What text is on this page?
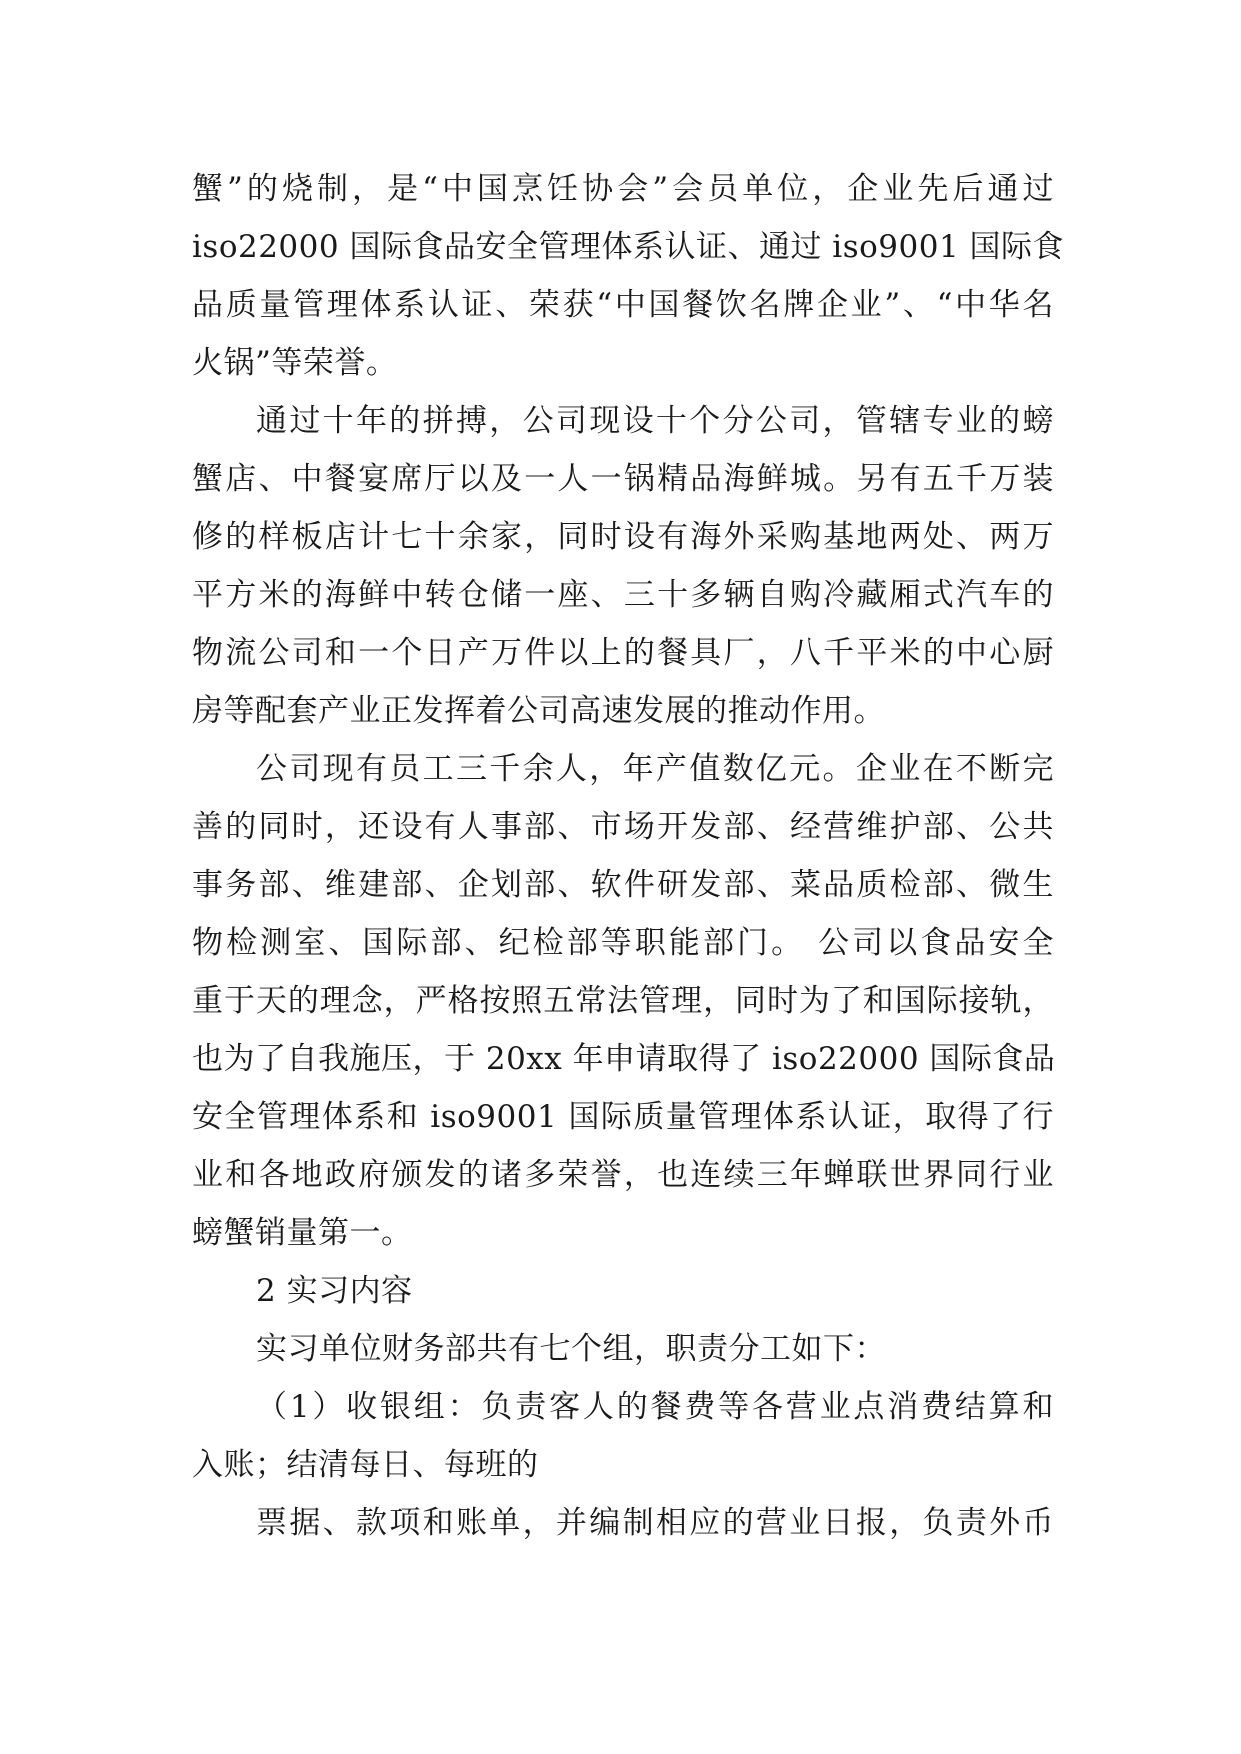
蟹”的烧制，是“中国烹饪协会”会员单位，企业先后通过
iso22000 国际食品安全管理体系认证、通过 iso9001 国际食
品质量管理体系认证、荣获“中国餐饮名牌企业”、“中华名
火锅”等荣誉。

通过十年的拼搏，公司现设十个分公司，管辖专业的螃
蟹店、中餐宴席厅以及一人一锅精品海鲜城。另有五千万装
修的样板店计七十余家，同时设有海外采购基地两处、两万
平方米的海鲜中转仓储一座、三十多辆自购冷藏厢式汽车的
物流公司和一个日产万件以上的餐具厂，八千平米的中心厨
房等配套产业正发挥着公司高速发展的推动作用。

公司现有员工三千余人，年产值数亿元。企业在不断完
善的同时，还设有人事部、市场开发部、经营维护部、公共
事务部、维建部、企划部、软件研发部、菜品质检部、微生
物检测室、国际部、纪检部等职能部门。 公司以食品安全
重于天的理念，严格按照五常法管理，同时为了和国际接轨，
也为了自我施压，于 20xx 年申请取得了 iso22000 国际食品
安全管理体系和 iso9001 国际质量管理体系认证，取得了行
业和各地政府颁发的诸多荣誉，也连续三年蝉联世界同行业
螃蟹销量第一。

2 实习内容

实习单位财务部共有七个组，职责分工如下：

（1）收银组：负责客人的餐费等各营业点消费结算和
入账；结清每日、每班的

票据、款项和账单，并编制相应的营业日报，负责外币
